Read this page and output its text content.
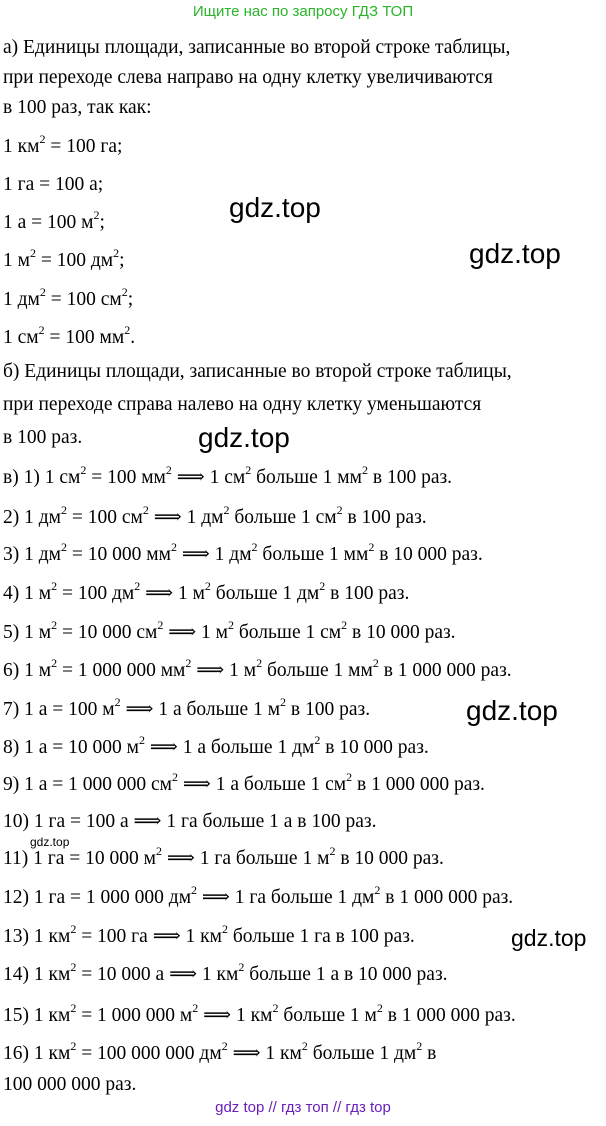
Ищите нас по запросу ГДЗ ТОП
а) Единицы площади, записанные во второй строке таблицы,
при переходе слева направо на одну клетку увеличиваются
в 100 раз, так как:
1 $км^2 = 100$ га;
1 га = 100 а;
1 а = 100 $м^2$;
1 $м^2 = 100$ $дм^2$;
1 $дм^2 = 100$ $см^2$;
1 $см^2 = 100$ $мм^2$.
б) Единицы площади, записанные во второй строке таблицы,
при переходе справа налево на одну клетку уменьшаются
в 100 раз.
в) 1) 1 $см^2 = 100$ $мм^2$ ⟹ 1 $см^2$ больше 1 $мм^2$ в 100 раз.
2) 1 $дм^2 = 100$ $см^2$ ⟹ 1 $дм^2$ больше 1 $см^2$ в 100 раз.
3) 1 $дм^2 = 10$ 000 $мм^2$ ⟹ 1 $дм^2$ больше 1 $мм^2$ в 10 000 раз.
4) 1 $м^2 = 100$ $дм^2$ ⟹ 1 $м^2$ больше 1 $дм^2$ в 100 раз.
5) 1 $м^2 = 10$ 000 $см^2$ ⟹ 1 $м^2$ больше 1 $см^2$ в 10 000 раз.
6) 1 $м^2 = 1$ 000 000 $мм^2$ ⟹ 1 $м^2$ больше 1 $мм^2$ в 1 000 000 раз.
7) 1 а = 100 $м^2$ ⟹ 1 а больше 1 $м^2$ в 100 раз.
8) 1 а = 10 000 $м^2$ ⟹ 1 а больше 1 $дм^2$ в 10 000 раз.
9) 1 а = 1 000 000 $см^2$ ⟹ 1 а больше 1 $см^2$ в 1 000 000 раз.
10) 1 га = 100 а ⟹ 1 га больше 1 а в 100 раз.
11) 1 га = 10 000 $м^2$ ⟹ 1 га больше 1 $м^2$ в 10 000 раз.
12) 1 га = 1 000 000 $дм^2$ ⟹ 1 га больше 1 $дм^2$ в 1 000 000 раз.
13) 1 $км^2 = 100$ га ⟹ 1 $км^2$ больше 1 га в 100 раз.
14) 1 $км^2 = 10$ 000 а ⟹ 1 $км^2$ больше 1 а в 10 000 раз.
15) 1 $км^2 = 1$ 000 000 $м^2$ ⟹ 1 $км^2$ больше 1 $м^2$ в 1 000 000 раз.
16) 1 $км^2 = 100$ 000 000 $дм^2$ ⟹ 1 $км^2$ больше 1 $дм^2$ в
100 000 000 раз.
gdz.top
gdz.top
gdz.top
gdz.top
gdz.top
gdz.top
gdz top // гдз топ // гдз top
